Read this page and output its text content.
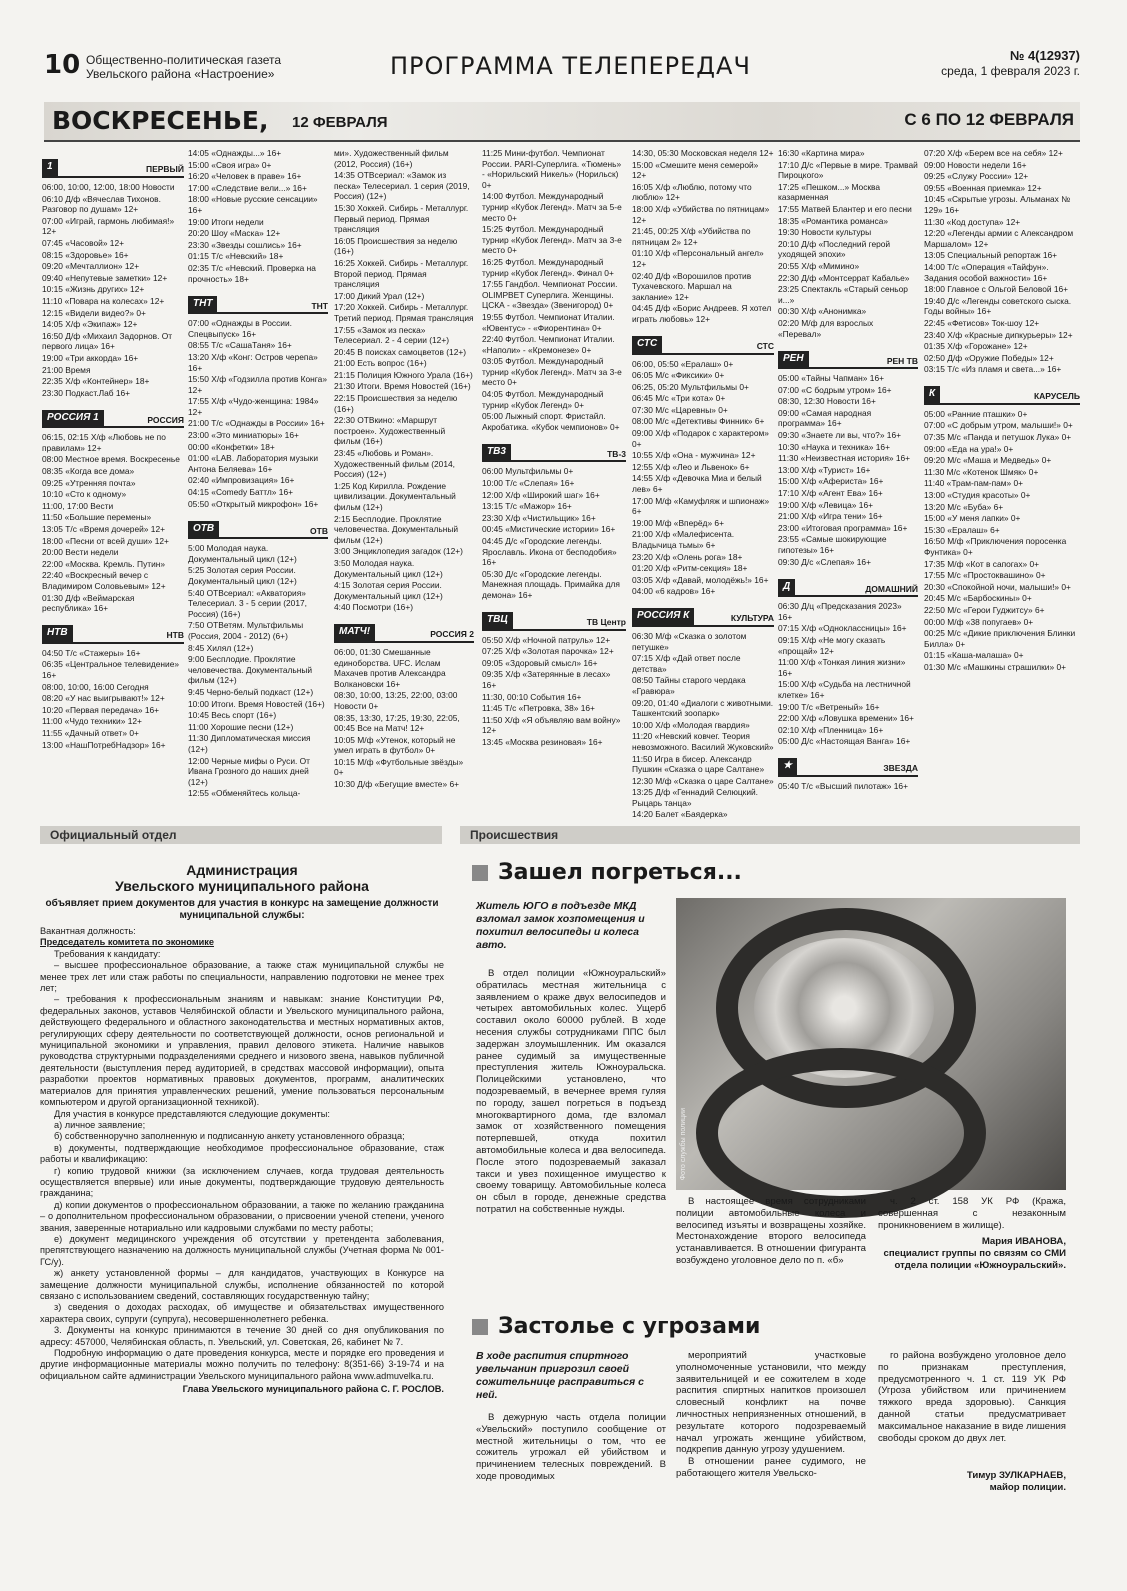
10 Общественно-политическая газета
Увельского района «Настроение»	ПРОГРАММА ТЕЛЕПЕРЕДАЧ	№ 4(12937)
среда, 1 февраля 2023 г.
ВОСКРЕСЕНЬЕ, 12 ФЕВРАЛЯ	С 6 ПО 12 ФЕВРАЛЯ
1	ПЕРВЫЙ
06:00, 10:00, 12:00, 18:00 Новости
06:10 Д/ф «Вячеслав Тихонов. Разговор по душам» 12+
07:00 «Играй, гармонь любимая!» 12+
07:45 «Часовой» 12+
08:15 «Здоровье» 16+
09:20 «Мечталлион» 12+
09:40 «Непутевые заметки» 12+
10:15 «Жизнь других» 12+
11:10 «Повара на колесах» 12+
12:15 «Видели видео?» 0+
14:05 Х/ф «Экипаж» 12+
16:50 Д/ф «Михаил Задорнов. От первого лица» 16+
19:00 «Три аккорда» 16+
21:00 Время
22:35 Х/ф «Контейнер» 18+
23:30 Подкаст.Лаб 16+
РОССИЯ 1	РОССИЯ
06:15, 02:15 Х/ф «Любовь не по правилам» 12+
08:00 Местное время. Воскресенье
08:35 «Когда все дома»
09:25 «Утренняя почта»
10:10 «Сто к одному»
11:00, 17:00 Вести
11:50 «Большие перемены»
13:05 Т/с «Время дочерей» 12+
18:00 «Песни от всей души» 12+
20:00 Вести недели
22:00 «Москва. Кремль. Путин»
22:40 «Воскресный вечер с Владимиром Соловьевым» 12+
01:30 Д/ф «Веймарская республика» 16+
НТВ	НТВ
04:50 Т/с «Стажеры» 16+
06:35 «Центральное телевидение» 16+
08:00, 10:00, 16:00 Сегодня
08:20 «У нас выигрывают!» 12+
10:20 «Первая передача» 16+
11:00 «Чудо техники» 12+
11:55 «Дачный ответ» 0+
13:00 «НашПотребНадзор» 16+
14:05 «Однажды...» 16+
15:00 «Своя игра» 0+
16:20 «Человек в праве» 16+
17:00 «Следствие вели...» 16+
18:00 «Новые русские сенсации» 16+
19:00 Итоги недели
20:20 Шоу «Маска» 12+
23:30 «Звезды сошлись» 16+
01:15 Т/с «Невский» 18+
02:35 Т/с «Невский. Проверка на прочность» 18+
ТНТ	ТНТ
07:00 «Однажды в России. Спецвыпуск» 16+
08:55 Т/с «СашаТаня» 16+
13:20 Х/ф «Конг: Остров черепа» 16+
15:50 Х/ф «Годзилла против Конга» 12+
17:55 Х/ф «Чудо-женщина: 1984» 12+
21:00 Т/с «Однажды в России» 16+
23:00 «Это миниатюры» 16+
00:00 «Конфетки» 18+
01:00 «LAB. Лаборатория музыки Антона Беляева» 16+
02:40 «Импровизация» 16+
04:15 «Comedy Баттл» 16+
05:50 «Открытый микрофон» 16+
ОТВ	ОТВ
5:00 Молодая наука. Документальный цикл (12+)
5:25 Золотая серия России. Документальный цикл (12+)
5:40 ОТВсериал: «Акватория» Телесериал. 3 - 5 серии (2017, Россия) (16+)
7:50 ОТВетям. Мультфильмы (Россия, 2004 - 2012) (6+)
8:45 Хилял (12+)
9:00 Бесплодие. Проклятие человечества. Документальный фильм (12+)
9:45 Черно-белый подкаст (12+)
10:00 Итоги. Время Новостей (16+)
10:45 Весь спорт (16+)
11:00 Хорошие песни (12+)
11:30 Дипломатическая миссия (12+)
12:00 Черные мифы о Руси. От Ивана Грозного до наших дней (12+)
12:55 «Обменяйтесь кольца-
ми». Художественный фильм (2012, Россия) (16+)
14:35 ОТВсериал: «Замок из песка» Телесериал. 1 серия (2019, Россия) (12+)
15:30 Хоккей. Сибирь - Металлург. Первый период. Прямая трансляция
16:05 Происшествия за неделю (16+)
16:25 Хоккей. Сибирь - Металлург. Второй период. Прямая трансляция
17:00 Дикий Урал (12+)
17:20 Хоккей. Сибирь - Металлург. Третий период. Прямая трансляция
17:55 «Замок из песка» Телесериал. 2 - 4 серии (12+)
20:45 В поисках самоцветов (12+)
21:00 Есть вопрос (16+)
21:15 Полиция Южного Урала (16+)
21:30 Итоги. Время Новостей (16+)
22:15 Происшествия за неделю (16+)
22:30 ОТВкино: «Маршрут построен». Художественный фильм (16+)
23:45 «Любовь и Роман». Художественный фильм (2014, Россия) (12+)
1:25 Код Кирилла. Рождение цивилизации. Документальный фильм (12+)
2:15 Бесплодие. Проклятие человечества. Документальный фильм (12+)
3:00 Энциклопедия загадок (12+)
3:50 Молодая наука. Документальный цикл (12+)
4:15 Золотая серия России. Документальный цикл (12+)
4:40 Посмотри (16+)
МАТЧ!	РОССИЯ 2
06:00, 01:30 Смешанные единоборства. UFC. Ислам Махачев против Александра Волкановски 16+
08:30, 10:00, 13:25, 22:00, 03:00 Новости 0+
08:35, 13:30, 17:25, 19:30, 22:05, 00:45 Все на Матч! 12+
10:05 М/ф «Утенок, который не умел играть в футбол» 0+
10:15 М/ф «Футбольные звёзды» 0+
10:30 Д/ф «Бегущие вместе» 6+
11:25 Мини-футбол. Чемпионат России. PARI-Суперлига. «Тюмень» - «Норильский Никель» (Норильск) 0+
14:00 Футбол. Международный турнир «Кубок Легенд». Матч за 5-е место 0+
15:25 Футбол. Международный турнир «Кубок Легенд». Матч за 3-е место 0+
16:25 Футбол. Международный турнир «Кубок Легенд». Финал 0+
17:55 Гандбол. Чемпионат России. OLIMPBET Суперлига. Женщины. ЦСКА - «Звезда» (Звенигород) 0+
19:55 Футбол. Чемпионат Италии. «Ювентус» - «Фиорентина» 0+
22:40 Футбол. Чемпионат Италии. «Наполи» - «Кремонезе» 0+
03:05 Футбол. Международный турнир «Кубок Легенд». Матч за 3-е место 0+
04:05 Футбол. Международный турнир «Кубок Легенд» 0+
05:00 Лыжный спорт. Фристайл. Акробатика. «Кубок чемпионов» 0+
ТВ3	ТВ-3
06:00 Мультфильмы 0+
10:00 Т/с «Слепая» 16+
12:00 Х/ф «Широкий шаг» 16+
13:15 Т/с «Мажор» 16+
23:30 Х/ф «Чистильщик» 16+
00:45 «Мистические истории» 16+
04:45 Д/с «Городские легенды. Ярославль. Икона от бесподобия» 16+
05:30 Д/с «Городские легенды. Манежная площадь. Примайка для демона» 16+
ТВЦ	ТВ Центр
05:50 Х/ф «Ночной патруль» 12+
07:25 Х/ф «Золотая парочка» 12+
09:05 «Здоровый смысл» 16+
09:35 Х/ф «Затерянные в лесах» 16+
11:30, 00:10 События 16+
11:45 Т/с «Петровка, 38» 16+
11:50 Х/ф «Я объявляю вам войну» 12+
13:45 «Москва резиновая» 16+
14:30, 05:30 Московская неделя 12+
15:00 «Смешите меня семерой» 12+
16:05 Х/ф «Люблю, потому что люблю» 12+
18:00 Х/ф «Убийства по пятницам» 12+
21:45, 00:25 Х/ф «Убийства по пятницам 2» 12+
01:10 Х/ф «Персональный ангел» 12+
02:40 Д/ф «Ворошилов против Тухачевского. Маршал на заклание» 12+
04:45 Д/ф «Борис Андреев. Я хотел играть любовь» 12+
СТС	СТС
06:00, 05:50 «Ералаш» 0+
06:05 М/с «Фиксики» 0+
06:25, 05:20 Мультфильмы 0+
06:45 М/с «Три кота» 0+
07:30 М/с «Царевны» 0+
08:00 М/с «Детективы Финник» 6+
09:00 Х/ф «Подарок с характером» 0+
10:55 Х/ф «Она - мужчина» 12+
12:55 Х/ф «Лео и Львенок» 6+
14:55 Х/ф «Девочка Миа и белый лев» 6+
17:00 М/ф «Камуфляж и шпионаж» 6+
19:00 М/ф «Вперёд» 6+
21:00 Х/ф «Малефисента. Владычица тьмы» 6+
23:20 Х/ф «Олень рога» 18+
01:20 Х/ф «Ритм-секция» 18+
03:05 Х/ф «Давай, молодёжь!» 16+
04:00 «6 кадров» 16+
РОССИЯ К	КУЛЬТУРА
06:30 М/ф «Сказка о золотом петушке»
07:15 Х/ф «Дай ответ после детства»
08:50 Тайны старого чердака «Гравюра»
09:20, 01:40 «Диалоги с животными. Ташкентский зоопарк»
10:00 Х/ф «Молодая гвардия»
11:20 «Невский ковчег. Теория невозможного. Василий Жуковский»
11:50 Игра в бисер. Александр Пушкин «Сказка о царе Салтане»
12:30 М/ф «Сказка о царе Салтане»
13:25 Д/ф «Геннадий Селюцкий. Рыцарь танца»
14:20 Балет «Баядерка»
16:30 «Картина мира»
17:10 Д/с «Первые в мире. Трамвай Пироцкого»
17:25 «Пешком...» Москва казарменная
17:55 Матвей Блантер и его песни
18:35 «Романтика романса»
19:30 Новости культуры
20:10 Д/ф «Последний герой уходящей эпохи»
20:55 Х/ф «Мимино»
22:30 Д/ф «Монтсеррат Кабалье»
23:25 Спектакль «Старый сеньор и...»
00:30 Х/ф «Анонимка»
02:20 М/ф для взрослых «Перевал»
РЕН	РЕН ТВ
05:00 «Тайны Чапман» 16+
07:00 «С бодрым утром» 16+
08:30, 12:30 Новости 16+
09:00 «Самая народная программа» 16+
09:30 «Знаете ли вы, что?» 16+
10:30 «Наука и техника» 16+
11:30 «Неизвестная история» 16+
13:00 Х/ф «Турист» 16+
15:00 Х/ф «Афериста» 16+
17:10 Х/ф «Агент Ева» 16+
19:00 Х/ф «Левица» 16+
21:00 Х/ф «Игра тени» 16+
23:00 «Итоговая программа» 16+
23:55 «Самые шокирующие гипотезы» 16+
09:30 Д/с «Слепая» 16+
Д	ДОМАШНИЙ
06:30 Д/ц «Предсказания 2023» 16+
07:15 Х/ф «Одноклассницы» 16+
09:15 Х/ф «Не могу сказать «прощай» 12+
11:00 Х/ф «Тонкая линия жизни» 16+
15:00 Х/ф «Судьба на лестничной клетке» 16+
19:00 Т/с «Ветреный» 16+
22:00 Х/ф «Ловушка времени» 16+
02:10 Х/ф «Пленница» 16+
05:00 Д/с «Настоящая Ванга» 16+
★	ЗВЕЗДА
05:40 Т/с «Высший пилотаж» 16+
07:20 Х/ф «Берем все на себя» 12+
09:00 Новости недели 16+
09:25 «Служу России» 12+
09:55 «Военная приемка» 12+
10:45 «Скрытые угрозы. Альманах № 129» 16+
11:30 «Код доступа» 12+
12:20 «Легенды армии с Александром Маршалом» 12+
13:05 Специальный репортаж 16+
14:00 Т/с «Операция «Тайфун». Задания особой важности» 16+
18:00 Главное с Ольгой Беловой 16+
19:40 Д/с «Легенды советского сыска. Годы войны» 16+
22:45 «Фетисов» Ток-шоу 12+
23:40 Х/ф «Красные дипкурьеры» 12+
01:35 Х/ф «Горожане» 12+
02:50 Д/ф «Оружие Победы» 12+
03:15 Т/с «Из пламя и света...» 16+
К	КАРУСЕЛЬ
05:00 «Ранние пташки» 0+
07:00 «С добрым утром, малыши!» 0+
07:35 М/с «Панда и петушок Лука» 0+
09:00 «Еда на ура!» 0+
09:20 М/с «Маша и Медведь» 0+
11:30 М/с «Котенок Шмяк» 0+
11:40 «Трам-пам-пам» 0+
13:00 «Студия красоты» 0+
13:20 М/с «Буба» 6+
15:00 «У меня лапки» 0+
15:30 «Ералаш» 6+
16:50 М/ф «Приключения поросенка Фунтика» 0+
17:35 М/ф «Кот в сапогах» 0+
17:55 М/с «Простоквашино» 0+
20:30 «Спокойной ночи, малыши!» 0+
20:45 М/с «Барбоскины» 0+
22:50 М/с «Герои Гуджитсу» 6+
00:00 М/ф «38 попугаев» 0+
00:25 М/с «Дикие приключения Блинки Билла» 0+
01:15 «Каша-малаша» 0+
01:30 М/с «Машкины страшилки» 0+
Официальный отдел	Происшествия
Администрация
Увельского муниципального района
объявляет прием документов для участия в конкурс на замещение должности муниципальной службы:

Вакантная должность:

Председатель комитета по экономике

Требования к кандидату:

– высшее профессиональное образование, а также стаж муниципальной службы не менее трех лет или стаж работы по специальности, направлению подготовки не менее трех лет;

– требования к профессиональным знаниям и навыкам: знание Конституции РФ, федеральных законов, уставов Челябинской области и Увельского муниципального района, действующего федерального и областного законодательства и местных нормативных актов, регулирующих сферу деятельности по соответствующей должности, основ региональной и муниципальной экономики и управления, правил делового этикета. Наличие навыков руководства структурными подразделениями среднего и низового звена, навыков публичной деятельности (выступления перед аудиторией, в средствах массовой информации), опыта разработки проектов нормативных правовых документов, программ, аналитических материалов для принятия управленческих решений, умение пользоваться персональным компьютером и другой организационной техникой).

Для участия в конкурсе представляются следующие документы:

а) личное заявление;

б) собственноручно заполненную и подписанную анкету установленного образца;

в) документы, подтверждающие необходимое профессиональное образование, стаж работы и квалификацию:

г) копию трудовой книжки (за исключением случаев, когда трудовая деятельность осуществляется впервые) или иные документы, подтверждающие трудовую деятельность гражданина;

д) копии документов о профессиональном образовании, а также по желанию гражданина – о дополнительном профессиональном образовании, о присвоении ученой степени, ученого звания, заверенные нотариально или кадровыми службами по месту работы;

е) документ медицинского учреждения об отсутствии у претендента заболевания, препятствующего назначению на должность муниципальной службы (Учетная форма № 001-ГС/у).

ж) анкету установленной формы – для кандидатов, участвующих в Конкурсе на замещение должности муниципальной службы, исполнение обязанностей по которой связано с использованием сведений, составляющих государственную тайну;

з) сведения о доходах расходах, об имуществе и обязательствах имущественного характера своих, супруги (супруга), несовершеннолетнего ребенка.

3. Документы на конкурс принимаются в течение 30 дней со дня опубликования по адресу: 457000, Челябинская область, п. Увельский, ул. Советская, 26, кабинет № 7.

Подробную информацию о дате проведения конкурса, месте и порядке его проведения и другие информационные материалы можно получить по телефону: 8(351-66) 3-19-74 и на официальном сайте администрации Увельского муниципального района www.admuvelka.ru.

Глава Увельского муниципального района С. Г. РОСЛОВ.
Зашел погреться...
Житель ЮГО в подъезде МКД взломал замок хозпомещения и похитил велосипеды и колеса авто.

В отдел полиции «Южноуральский» обратилась местная жительница с заявлением о краже двух велосипедов и четырех автомобильных колес. Ущерб составил около 60000 рублей. В ходе несения службы сотрудниками ППС был задержан злоумышленник. Им оказался ранее судимый за имущественные преступления житель Южноуральска. Полицейскими установлено, что подозреваемый, в вечернее время гуляя по городу, зашел погреться в подъезд многоквартирного дома, где взломал замок от хозяйственного помещения потерпевшей, откуда похитил автомобильные колеса и два велосипеда. После этого подозреваемый заказал такси и увез похищенное имущество к своему товарищу. Автомобильные колеса он сбыл в городе, денежные средства потратил на собственные нужды.

Фото службы полиции

В настоящее время сотрудниками полиции автомобильные колеса и велосипед изъяты и возвращены хозяйке. Местонахождение второго велосипеда устанавливается. В отношении фигуранта возбуждено уголовное дело по п. «б»

ч. 2 ст. 158 УК РФ (Кража, совершенная с незаконным проникновением в жилище).

Мария ИВАНОВА,
специалист группы по связям со СМИ отдела полиции «Южноуральский».
Застолье с угрозами
В ходе распития спиртного увельчанин пригрозил своей сожительнице расправиться с ней.

В дежурную часть отдела полиции «Увельский» поступило сообщение от местной жительницы о том, что ее сожитель угрожал ей убийством и причинением телесных повреждений. В ходе проводимых

мероприятий участковые уполномоченные установили, что между заявительницей и ее сожителем в ходе распития спиртных напитков произошел словесный конфликт на почве личностных неприязненных отношений, в результате которого подозреваемый начал угрожать женщине убийством, подкрепив данную угрозу удушением.

В отношении ранее судимого, не работающего жителя Увельско-

го района возбуждено уголовное дело по признакам преступления, предусмотренного ч. 1 ст. 119 УК РФ (Угроза убийством или причинением тяжкого вреда здоровью). Санкция данной статьи предусматривает максимальное наказание в виде лишения свободы сроком до двух лет.

Тимур ЗУЛКАРНАЕВ,
майор полиции.
